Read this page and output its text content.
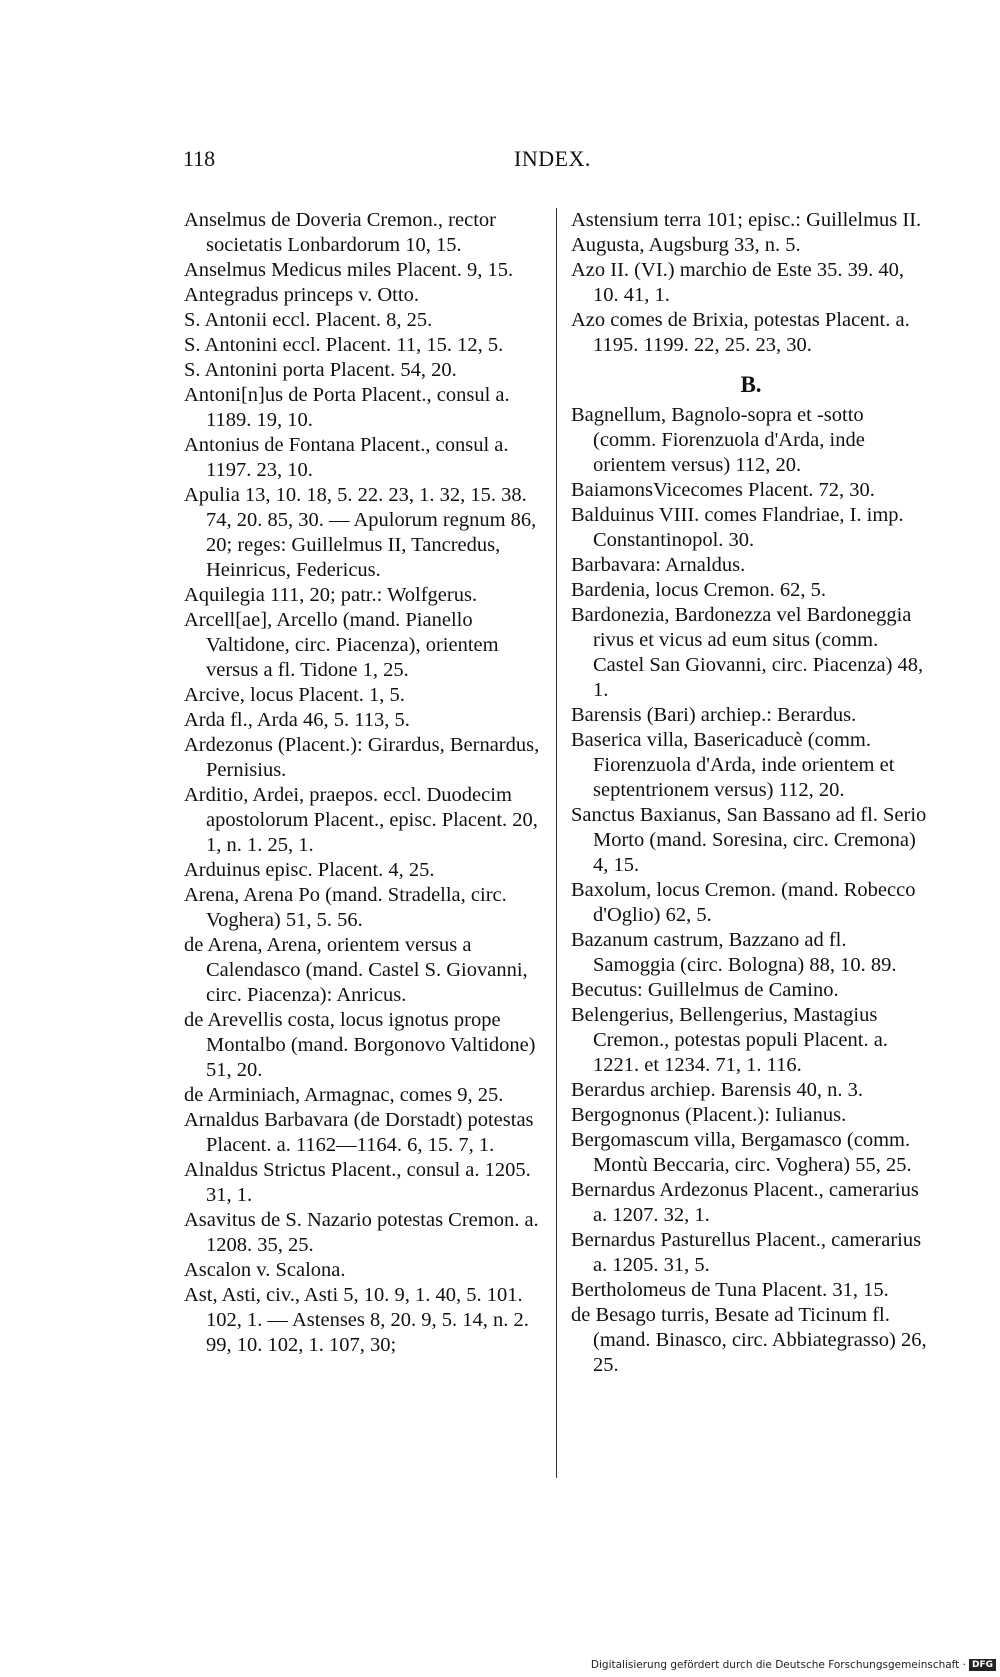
118	INDEX.

Anselmus de Doveria Cremon., rector societatis Lonbardorum 10, 15.

Anselmus Medicus miles Placent. 9, 15.

Antegradus princeps v. Otto.

S. Antonii eccl. Placent. 8, 25.

S. Antonini eccl. Placent. 11, 15. 12, 5.

S. Antonini porta Placent. 54, 20.

Antoni[n]us de Porta Placent., consul a. 1189. 19, 10.

Antonius de Fontana Placent., consul a. 1197. 23, 10.

Apulia 13, 10. 18, 5. 22. 23, 1. 32, 15. 38. 74, 20. 85, 30. — Apulorum regnum 86, 20; reges: Guillelmus II, Tancredus, Heinricus, Federicus.

Aquilegia 111, 20; patr.: Wolfgerus.

Arcell[ae], Arcello (mand. Pianello Valtidone, circ. Piacenza), orientem versus a fl. Tidone 1, 25.

Arcive, locus Placent. 1, 5.

Arda fl., Arda 46, 5. 113, 5.

Ardezonus (Placent.): Girardus, Bernardus, Pernisius.

Arditio, Ardei, praepos. eccl. Duodecim apostolorum Placent., episc. Placent. 20, 1, n. 1. 25, 1.

Arduinus episc. Placent. 4, 25.

Arena, Arena Po (mand. Stradella, circ. Voghera) 51, 5. 56.

de Arena, Arena, orientem versus a Calendasco (mand. Castel S. Giovanni, circ. Piacenza): Anricus.

de Arevellis costa, locus ignotus prope Montalbo (mand. Borgonovo Valtidone) 51, 20.

de Arminiach, Armagnac, comes 9, 25.

Arnaldus Barbavara (de Dorstadt) potestas Placent. a. 1162—1164. 6, 15. 7, 1.

Alnaldus Strictus Placent., consul a. 1205. 31, 1.

Asavitus de S. Nazario potestas Cremon. a. 1208. 35, 25.

Ascalon v. Scalona.

Ast, Asti, civ., Asti 5, 10. 9, 1. 40, 5. 101. 102, 1. — Astenses 8, 20. 9, 5. 14, n. 2. 99, 10. 102, 1. 107, 30;

Astensium terra 101; episc.: Guillelmus II.

Augusta, Augsburg 33, n. 5.

Azo II. (VI.) marchio de Este 35. 39. 40, 10. 41, 1.

Azo comes de Brixia, potestas Placent. a. 1195. 1199. 22, 25. 23, 30.

B.

Bagnellum, Bagnolo-sopra et -sotto (comm. Fiorenzuola d'Arda, inde orientem versus) 112, 20.

BaiamonsVicecomes Placent. 72, 30.

Balduinus VIII. comes Flandriae, I. imp. Constantinopol. 30.

Barbavara: Arnaldus.

Bardenia, locus Cremon. 62, 5.

Bardonezia, Bardonezza vel Bardoneggia rivus et vicus ad eum situs (comm. Castel San Giovanni, circ. Piacenza) 48, 1.

Barensis (Bari) archiep.: Berardus.

Baserica villa, Basericaducè (comm. Fiorenzuola d'Arda, inde orientem et septentrionem versus) 112, 20.

Sanctus Baxianus, San Bassano ad fl. Serio Morto (mand. Soresina, circ. Cremona) 4, 15.

Baxolum, locus Cremon. (mand. Robecco d'Oglio) 62, 5.

Bazanum castrum, Bazzano ad fl. Samoggia (circ. Bologna) 88, 10. 89.

Becutus: Guillelmus de Camino.

Belengerius, Bellengerius, Mastagius Cremon., potestas populi Placent. a. 1221. et 1234. 71, 1. 116.

Berardus archiep. Barensis 40, n. 3.

Bergognonus (Placent.): Iulianus.

Bergomascum villa, Bergamasco (comm. Montù Beccaria, circ. Voghera) 55, 25.

Bernardus Ardezonus Placent., camerarius a. 1207. 32, 1.

Bernardus Pasturellus Placent., camerarius a. 1205. 31, 5.

Bertholomeus de Tuna Placent. 31, 15.

de Besago turris, Besate ad Ticinum fl. (mand. Binasco, circ. Abbiategrasso) 26, 25.

Digitalisierung gefördert durch die Deutsche Forschungsgemeinschaft · DFG
